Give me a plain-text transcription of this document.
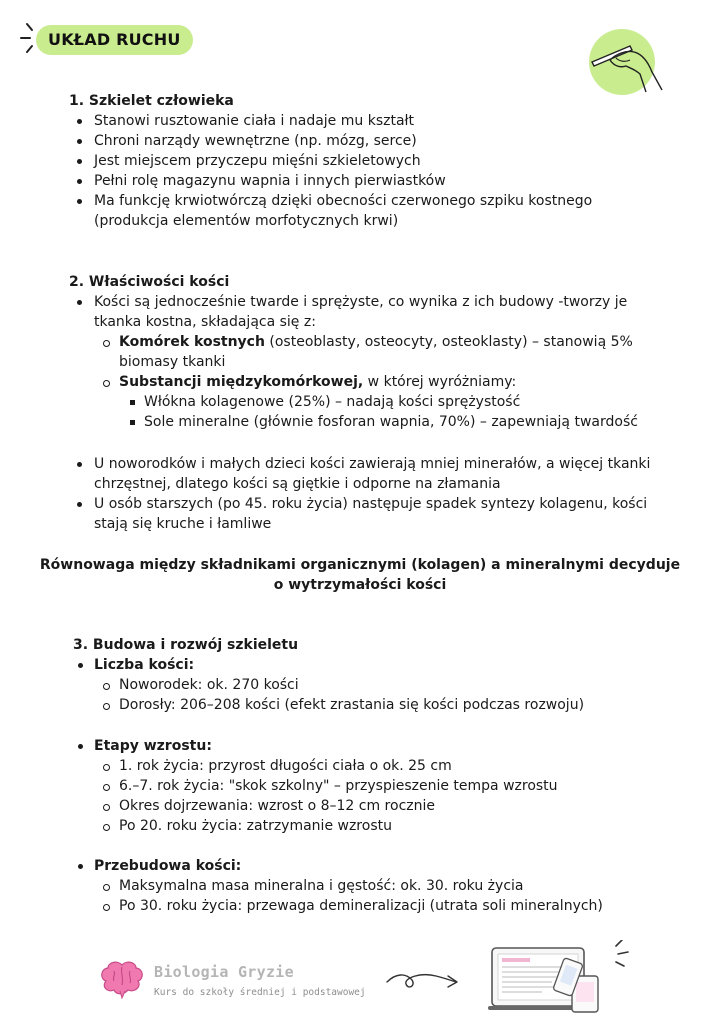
UKŁAD RUCHU
1. Szkielet człowieka
Stanowi rusztowanie ciała i nadaje mu kształt
Chroni narządy wewnętrzne (np. mózg, serce)
Jest miejscem przyczepu mięśni szkieletowych
Pełni rolę magazynu wapnia i innych pierwiastków
Ma funkcję krwiotwórczą dzięki obecności czerwonego szpiku kostnego
(produkcja elementów morfotycznych krwi)
2. Właściwości kości
Kości są jednocześnie twarde i sprężyste, co wynika z ich budowy -tworzy je
tkanka kostna, składająca się z:
Komórek kostnych (osteoblasty, osteocyty, osteoklasty) – stanowią 5%
biomasy tkanki
Substancji międzykomórkowej, w której wyróżniamy:
Włókna kolagenowe (25%) – nadają kości sprężystość
Sole mineralne (głównie fosforan wapnia, 70%) – zapewniają twardość
U noworodków i małych dzieci kości zawierają mniej minerałów, a więcej tkanki
chrzęstnej, dlatego kości są giętkie i odporne na złamania
U osób starszych (po 45. roku życia) następuje spadek syntezy kolagenu, kości
stają się kruche i łamliwe
Równowaga między składnikami organicznymi (kolagen) a mineralnymi decyduje
o wytrzymałości kości
3. Budowa i rozwój szkieletu
Liczba kości:
Noworodek: ok. 270 kości
Dorosły: 206–208 kości (efekt zrastania się kości podczas rozwoju)
Etapy wzrostu:
1. rok życia: przyrost długości ciała o ok. 25 cm
6.–7. rok życia: "skok szkolny" – przyspieszenie tempa wzrostu
Okres dojrzewania: wzrost o 8–12 cm rocznie
Po 20. roku życia: zatrzymanie wzrostu
Przebudowa kości:
Maksymalna masa mineralna i gęstość: ok. 30. roku życia
Po 30. roku życia: przewaga demineralizacji (utrata soli mineralnych)
Biologia Gryzie
Kurs do szkoły średniej i podstawowej
